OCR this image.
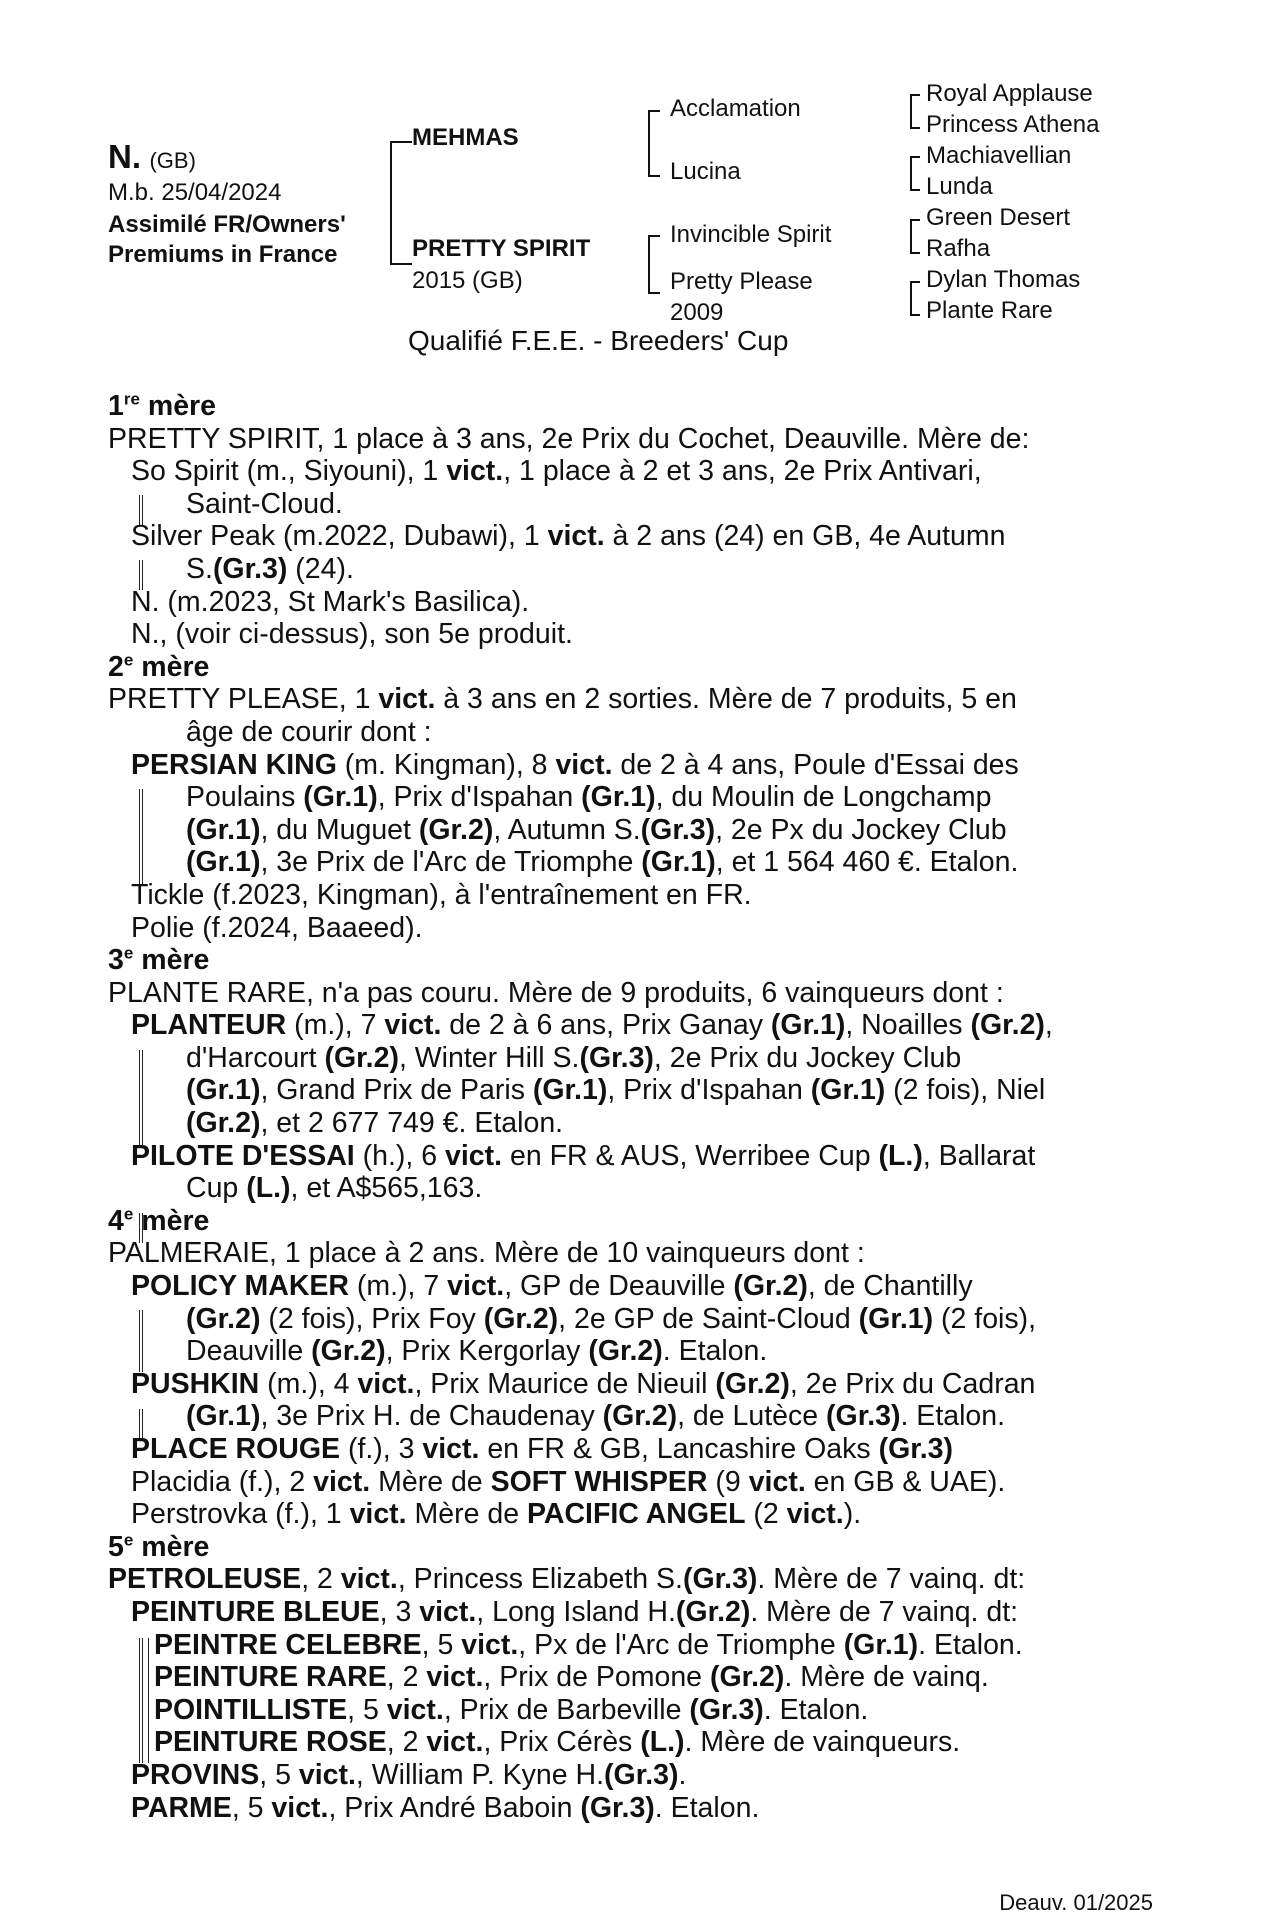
N. (GB)
M.b. 25/04/2024
Assimilé FR/Owners'
Premiums in France
MEHMAS
PRETTY SPIRIT
2015 (GB)
Acclamation
Lucina
Invincible Spirit
Pretty Please
2009
Royal Applause
Princess Athena
Machiavellian
Lunda
Green Desert
Rafha
Dylan Thomas
Plante Rare
Qualifié F.E.E. - Breeders' Cup
1re mère
PRETTY SPIRIT, 1 place à 3 ans, 2e Prix du Cochet, Deauville. Mère de:
So Spirit (m., Siyouni), 1 vict., 1 place à 2 et 3 ans, 2e Prix Antivari,
Saint-Cloud.
Silver Peak (m.2022, Dubawi), 1 vict. à 2 ans (24) en GB, 4e Autumn
S.(Gr.3) (24).
N. (m.2023, St Mark's Basilica).
N., (voir ci-dessus), son 5e produit.
2e mère
PRETTY PLEASE, 1 vict. à 3 ans en 2 sorties. Mère de 7 produits, 5 en
âge de courir dont :
PERSIAN KING (m. Kingman), 8 vict. de 2 à 4 ans, Poule d'Essai des
Poulains (Gr.1), Prix d'Ispahan (Gr.1), du Moulin de Longchamp
(Gr.1), du Muguet (Gr.2), Autumn S.(Gr.3), 2e Px du Jockey Club
(Gr.1), 3e Prix de l'Arc de Triomphe (Gr.1), et 1 564 460 €. Etalon.
Tickle (f.2023, Kingman), à l'entraînement en FR.
Polie (f.2024, Baaeed).
3e mère
PLANTE RARE, n'a pas couru. Mère de 9 produits, 6 vainqueurs dont :
PLANTEUR (m.), 7 vict. de 2 à 6 ans, Prix Ganay (Gr.1), Noailles (Gr.2),
d'Harcourt (Gr.2), Winter Hill S.(Gr.3), 2e Prix du Jockey Club
(Gr.1), Grand Prix de Paris (Gr.1), Prix d'Ispahan (Gr.1) (2 fois), Niel
(Gr.2), et 2 677 749 €. Etalon.
PILOTE D'ESSAI (h.), 6 vict. en FR & AUS, Werribee Cup (L.), Ballarat
Cup (L.), et A$565,163.
4e mère
PALMERAIE, 1 place à 2 ans. Mère de 10 vainqueurs dont :
POLICY MAKER (m.), 7 vict., GP de Deauville (Gr.2), de Chantilly
(Gr.2) (2 fois), Prix Foy (Gr.2), 2e GP de Saint-Cloud (Gr.1) (2 fois),
Deauville (Gr.2), Prix Kergorlay (Gr.2). Etalon.
PUSHKIN (m.), 4 vict., Prix Maurice de Nieuil (Gr.2), 2e Prix du Cadran
(Gr.1), 3e Prix H. de Chaudenay (Gr.2), de Lutèce (Gr.3). Etalon.
PLACE ROUGE (f.), 3 vict. en FR & GB, Lancashire Oaks (Gr.3)
Placidia (f.), 2 vict. Mère de SOFT WHISPER (9 vict. en GB & UAE).
Perstrovka (f.), 1 vict. Mère de PACIFIC ANGEL (2 vict.).
5e mère
PETROLEUSE, 2 vict., Princess Elizabeth S.(Gr.3). Mère de 7 vainq. dt:
PEINTURE BLEUE, 3 vict., Long Island H.(Gr.2). Mère de 7 vainq. dt:
PEINTRE CELEBRE, 5 vict., Px de l'Arc de Triomphe (Gr.1). Etalon.
PEINTURE RARE, 2 vict., Prix de Pomone (Gr.2). Mère de vainq.
POINTILLISTE, 5 vict., Prix de Barbeville (Gr.3). Etalon.
PEINTURE ROSE, 2 vict., Prix Cérès (L.). Mère de vainqueurs.
PROVINS, 5 vict., William P. Kyne H.(Gr.3).
PARME, 5 vict., Prix André Baboin (Gr.3). Etalon.
Deauv. 01/2025
